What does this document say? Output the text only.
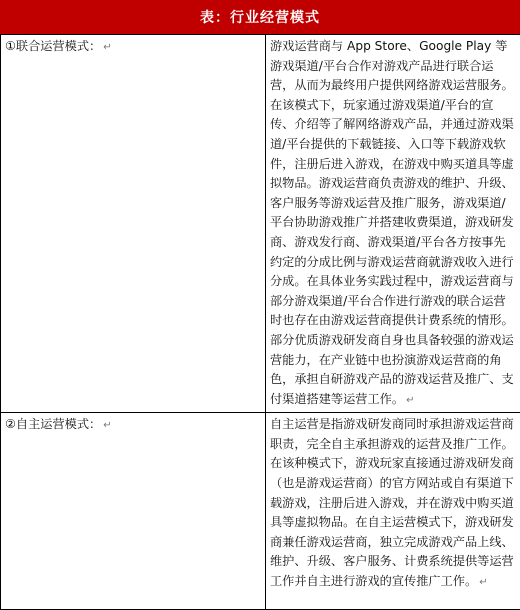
表：行业经营模式
①联合运营模式： ↵	游戏运营商与 App Store、Google Play 等游戏渠道/平台合作对游戏产品进行联合运营，从而为最终用户提供网络游戏运营服务。在该模式下，玩家通过游戏渠道/平台的宣传、介绍等了解网络游戏产品，并通过游戏渠道/平台提供的下载链接、入口等下载游戏软件，注册后进入游戏，在游戏中购买道具等虚拟物品。游戏运营商负责游戏的维护、升级、客户服务等游戏运营及推广服务，游戏渠道/平台协助游戏推广并搭建收费渠道，游戏研发商、游戏发行商、游戏渠道/平台各方按事先约定的分成比例与游戏运营商就游戏收入进行分成。在具体业务实践过程中，游戏运营商与部分游戏渠道/平台合作进行游戏的联合运营时也存在由游戏运营商提供计费系统的情形。部分优质游戏研发商自身也具备较强的游戏运营能力，在产业链中也扮演游戏运营商的角色，承担自研游戏产品的游戏运营及推广、支付渠道搭建等运营工作。 ↵
②自主运营模式： ↵	自主运营是指游戏研发商同时承担游戏运营商职责，完全自主承担游戏的运营及推广工作。在该种模式下，游戏玩家直接通过游戏研发商（也是游戏运营商）的官方网站或自有渠道下载游戏，注册后进入游戏，并在游戏中购买道具等虚拟物品。在自主运营模式下，游戏研发商兼任游戏运营商，独立完成游戏产品上线、维护、升级、客户服务、计费系统提供等运营工作并自主进行游戏的宣传推广工作。 ↵
